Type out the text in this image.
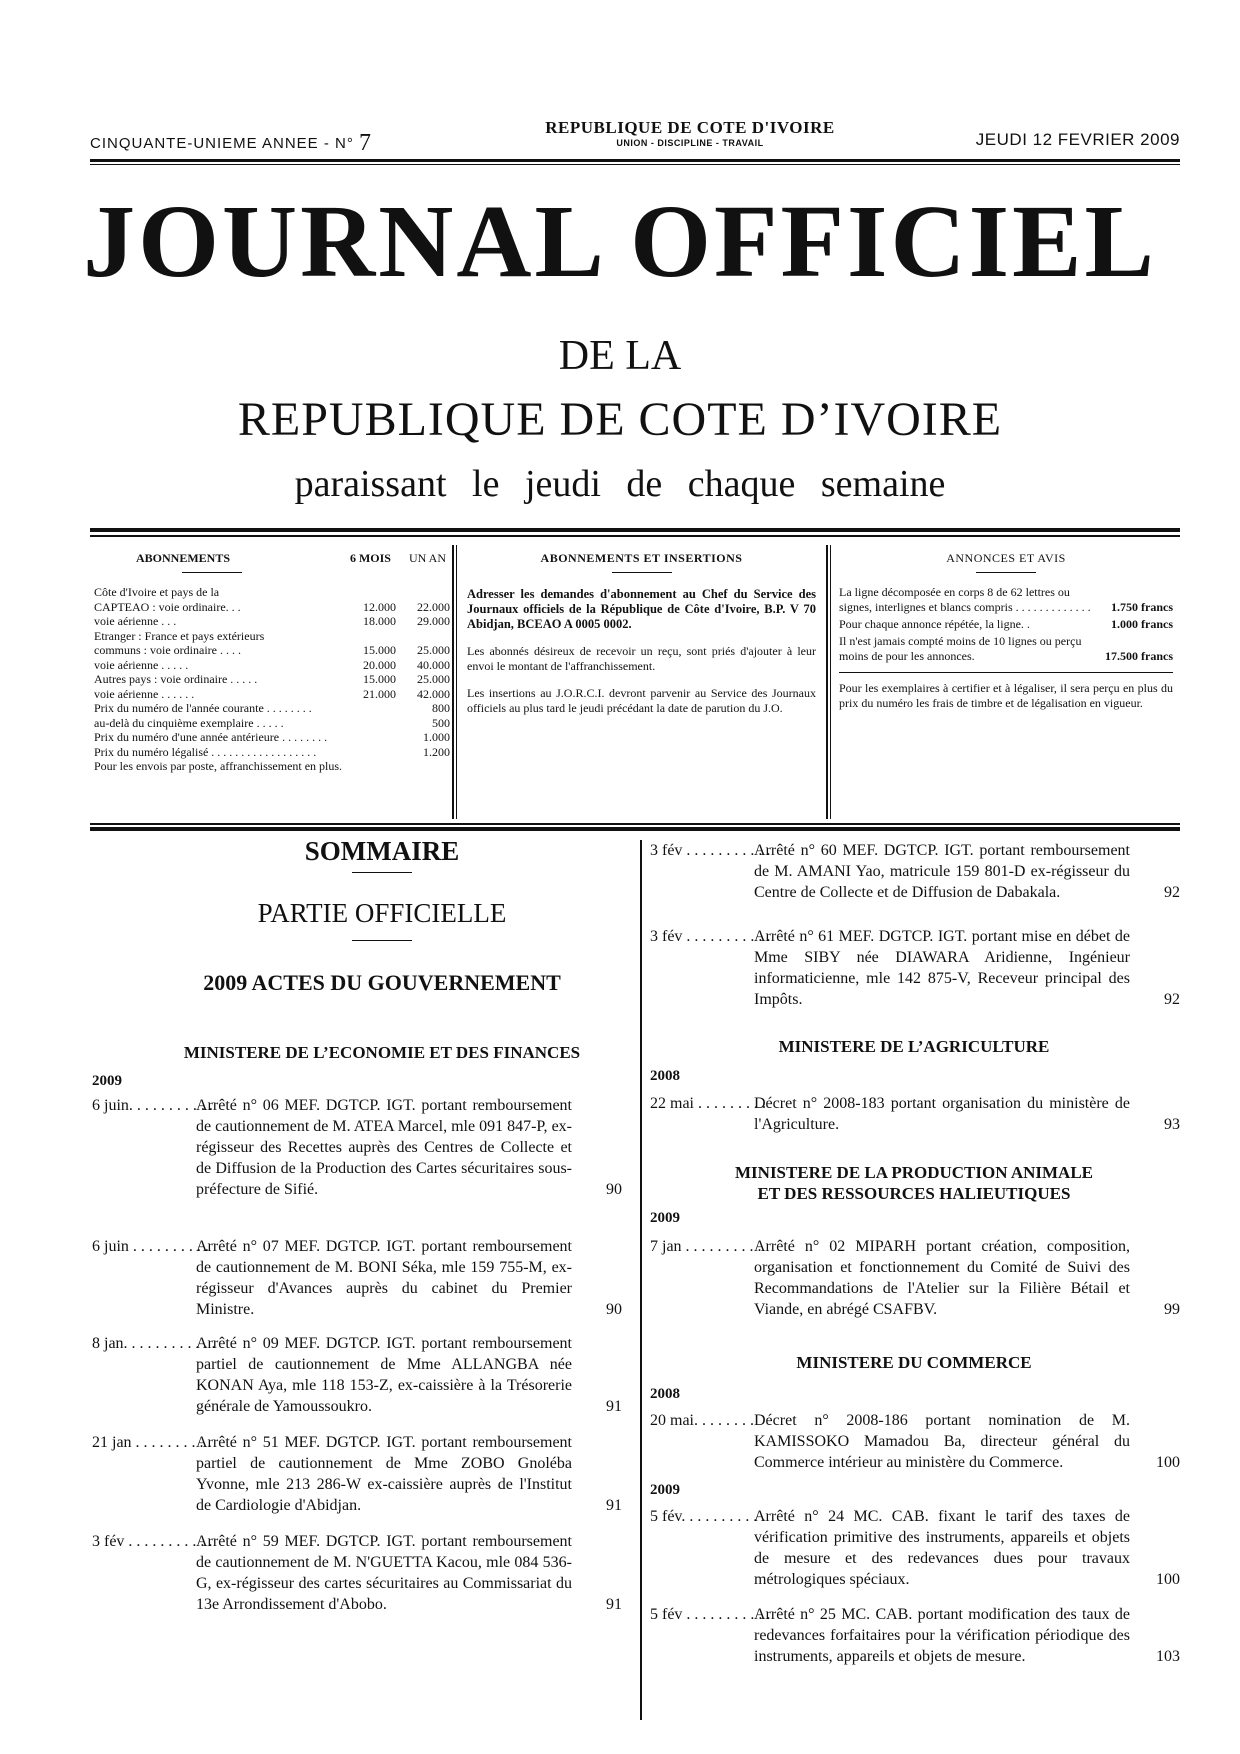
CINQUANTE-UNIEME ANNEE - N° 7
REPUBLIQUE DE COTE D'IVOIRE
UNION - DISCIPLINE - TRAVAIL	JEUDI 12 FEVRIER 2009
JOURNAL OFFICIEL
DE LA
REPUBLIQUE DE COTE D’IVOIRE
paraissant le jeudi de chaque semaine
ABONNEMENTS	6 MOIS UN AN
Côte d'Ivoire et pays de la
CAPTEAO : voie ordinaire. . .	12.000	22.000
voie aérienne . . .	18.000	29.000
Etranger : France et pays extérieurs
communs : voie ordinaire . . . .	15.000	25.000
voie aérienne . . . . .	20.000	40.000
Autres pays : voie ordinaire . . . . .	15.000	25.000
voie aérienne . . . . . .	21.000	42.000
Prix du numéro de l'année courante . . . . . . . .	800
au-delà du cinquième exemplaire . . . . .	500
Prix du numéro d'une année antérieure . . . . . . . .	1.000
Prix du numéro légalisé . . . . . . . . . . . . . . . . . .	1.200
Pour les envois par poste, affranchissement en plus.
ABONNEMENTS ET INSERTIONS

Adresser les demandes d'abonnement au Chef du Service des Journaux officiels de la République de Côte d'Ivoire, B.P. V 70 Abidjan, BCEAO A 0005 0002.

Les abonnés désireux de recevoir un reçu, sont priés d'ajouter à leur envoi le montant de l'affranchissement.

Les insertions au J.O.R.C.I. devront parvenir au Service des Journaux officiels au plus tard le jeudi précédant la date de parution du J.O.

ANNONCES ET AVIS
La ligne décomposée en corps 8 de 62 lettres ou signes, interlignes et blancs compris . . . . . . . . . . . . .	1.750 francs
Pour chaque annonce répétée, la ligne. .	1.000 francs
Il n'est jamais compté moins de 10 lignes ou perçu moins de pour les annonces.	17.500 francs
Pour les exemplaires à certifier et à légaliser, il sera perçu en plus du prix du numéro les frais de timbre et de légalisation en vigueur.
SOMMAIRE
PARTIE OFFICIELLE
2009 ACTES DU GOUVERNEMENT
MINISTERE DE L’ECONOMIE ET DES FINANCES
2009
6 juin. . . . . . . . . . .
Arrêté n° 06 MEF. DGTCP. IGT. portant remboursement de cautionnement de M. ATEA Marcel, mle 091 847-P, ex-régisseur des Recettes auprès des Centres de Collecte et de Diffusion de la Production des Cartes sécuritaires sous-préfecture de Sifié.	90
6 juin . . . . . . . . . .
Arrêté n° 07 MEF. DGTCP. IGT. portant remboursement de cautionnement de M. BONI Séka, mle 159 755-M, ex-régisseur d'Avances auprès du cabinet du Premier Ministre.	90
8 jan. . . . . . . . . . . .
Arrêté n° 09 MEF. DGTCP. IGT. portant remboursement partiel de cautionnement de Mme ALLANGBA née KONAN Aya, mle 118 153-Z, ex-caissière à la Trésorerie générale de Yamoussoukro.	91
21 jan . . . . . . . . . .
Arrêté n° 51 MEF. DGTCP. IGT. portant remboursement partiel de cautionnement de Mme ZOBO Gnoléba Yvonne, mle 213 286-W ex-caissière auprès de l'Institut de Cardiologie d'Abidjan.	91
3 fév . . . . . . . . . . .
Arrêté n° 59 MEF. DGTCP. IGT. portant remboursement de cautionnement de M. N'GUETTA Kacou, mle 084 536-G, ex-régisseur des cartes sécuritaires au Commissariat du 13e Arrondissement d'Abobo.	91
3 fév . . . . . . . . . . .
Arrêté n° 60 MEF. DGTCP. IGT. portant remboursement de M. AMANI Yao, matricule 159 801-D ex-régisseur du Centre de Collecte et de Diffusion de Dabakala.	92
3 fév . . . . . . . . . . .
Arrêté n° 61 MEF. DGTCP. IGT. portant mise en débet de Mme SIBY née DIAWARA Aridienne, Ingénieur informaticienne, mle 142 875-V, Receveur principal des Impôts.	92
MINISTERE DE L’AGRICULTURE
2008
22 mai . . . . . . . . .
Décret n° 2008-183 portant organisation du ministère de l'Agriculture.	93
MINISTERE DE LA PRODUCTION ANIMALE
ET DES RESSOURCES HALIEUTIQUES
2009
7 jan . . . . . . . . . .
Arrêté n° 02 MIPARH portant création, composition, organisation et fonctionnement du Comité de Suivi des Recommandations de l'Atelier sur la Filière Bétail et Viande, en abrégé CSAFBV.	99
MINISTERE DU COMMERCE
2008
20 mai. . . . . . . . Décret n° 2008-186 portant nomination de M. KAMISSOKO Mamadou Ba, directeur général du Commerce intérieur au ministère du Commerce.	100
2009
5 fév. . . . . . . . . . .
Arrêté n° 24 MC. CAB. fixant le tarif des taxes de vérification primitive des instruments, appareils et objets de mesure et des redevances dues pour travaux métrologiques spéciaux.	100
5 fév . . . . . . . . . . .
Arrêté n° 25 MC. CAB. portant modification des taux de redevances forfaitaires pour la vérification périodique des instruments, appareils et objets de mesure.	103
